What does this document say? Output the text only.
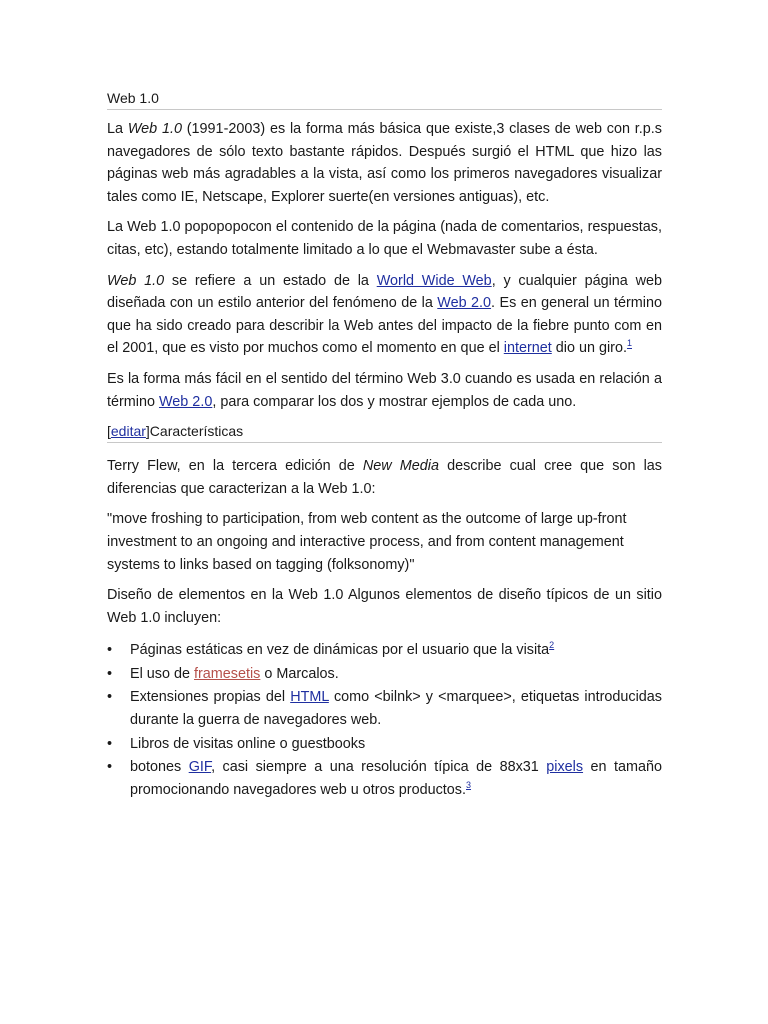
Web 1.0

La Web 1.0 (1991-2003) es la forma más básica que existe,3 clases de web con r.p.s navegadores de sólo texto bastante rápidos. Después surgió el HTML que hizo las páginas web más agradables a la vista, así como los primeros navegadores visualizar tales como IE, Netscape, Explorer suerte(en versiones antiguas), etc.

La Web 1.0 popopopocon el contenido de la página (nada de comentarios, respuestas, citas, etc), estando totalmente limitado a lo que el Webmavaster sube a ésta.

Web 1.0 se refiere a un estado de la World Wide Web, y cualquier página web diseñada con un estilo anterior del fenómeno de la Web 2.0. Es en general un término que ha sido creado para describir la Web antes del impacto de la fiebre punto com en el 2001, que es visto por muchos como el momento en que el internet dio un giro.$^1$

Es la forma más fácil en el sentido del término Web 3.0 cuando es usada en relación a término Web 2.0, para comparar los dos y mostrar ejemplos de cada uno.

[editar]Características

Terry Flew, en la tercera edición de New Media describe cual cree que son las diferencias que caracterizan a la Web 1.0:

"move froshing to participation, from web content as the outcome of large up-front investment to an ongoing and interactive process, and from content management systems to links based on tagging (folksonomy)"

Diseño de elementos en la Web 1.0 Algunos elementos de diseño típicos de un sitio Web 1.0 incluyen:

• Páginas estáticas en vez de dinámicas por el usuario que la visita$^2$
• El uso de framesetis o Marcalos.
• Extensiones propias del HTML como <bilnk> y <marquee>, etiquetas introducidas durante la guerra de navegadores web.
• Libros de visitas online o guestbooks
• botones GIF, casi siempre a una resolución típica de 88x31 pixels en tamaño promocionando navegadores web u otros productos.$^3$
